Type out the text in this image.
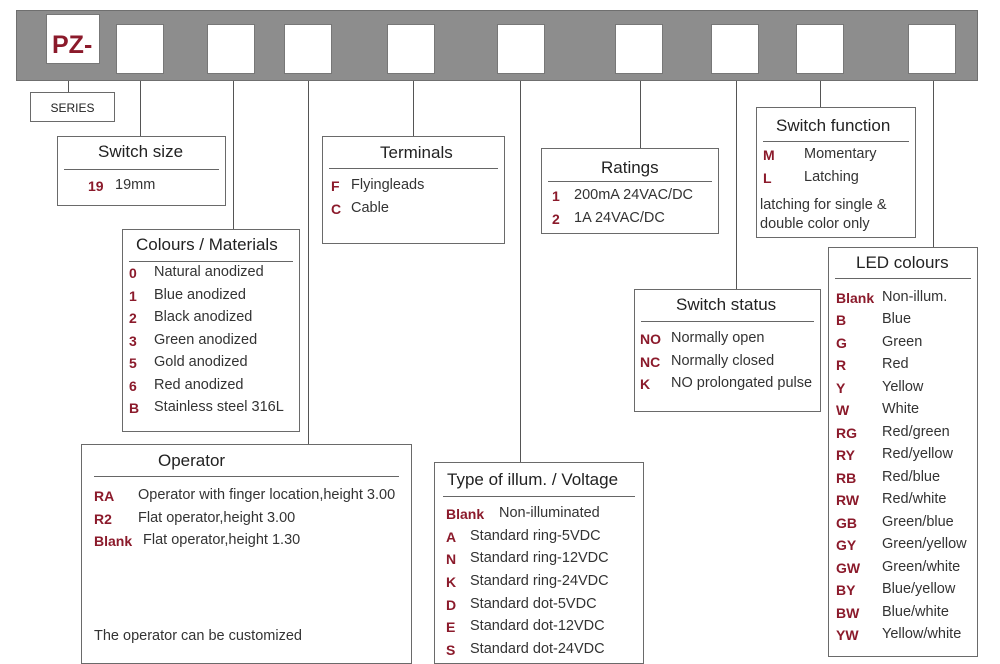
PZ-
SERIES
Switch size
19 19mm
Colours / Materials
0 Natural anodized
1 Blue anodized
2 Black anodized
3 Green anodized
5 Gold anodized
6 Red anodized
B Stainless steel 316L
Operator
RA Operator with finger location,height 3.00
R2 Flat operator,height 3.00
Blank Flat operator,height 1.30
The operator can be customized
Terminals
F Flyingleads
C Cable
Type of illum. / Voltage
Blank Non-illuminated
A Standard ring-5VDC
N Standard ring-12VDC
K Standard ring-24VDC
D Standard dot-5VDC
E Standard dot-12VDC
S Standard dot-24VDC
Ratings
1 200mA 24VAC/DC
2 1A 24VAC/DC
Switch status
NO Normally open
NC Normally closed
K NO prolongated pulse
Switch function
M Momentary
L Latching
latching for single &
double color only
LED colours
Blank Non-illum.
B Blue
G Green
R Red
Y	Yellow
W White
RG Red/green
RY Red/yellow
RB Red/blue
RW Red/white
GB Green/blue
GY Green/yellow
GW Green/white
BY Blue/yellow
BW Blue/white
YW Yellow/white
